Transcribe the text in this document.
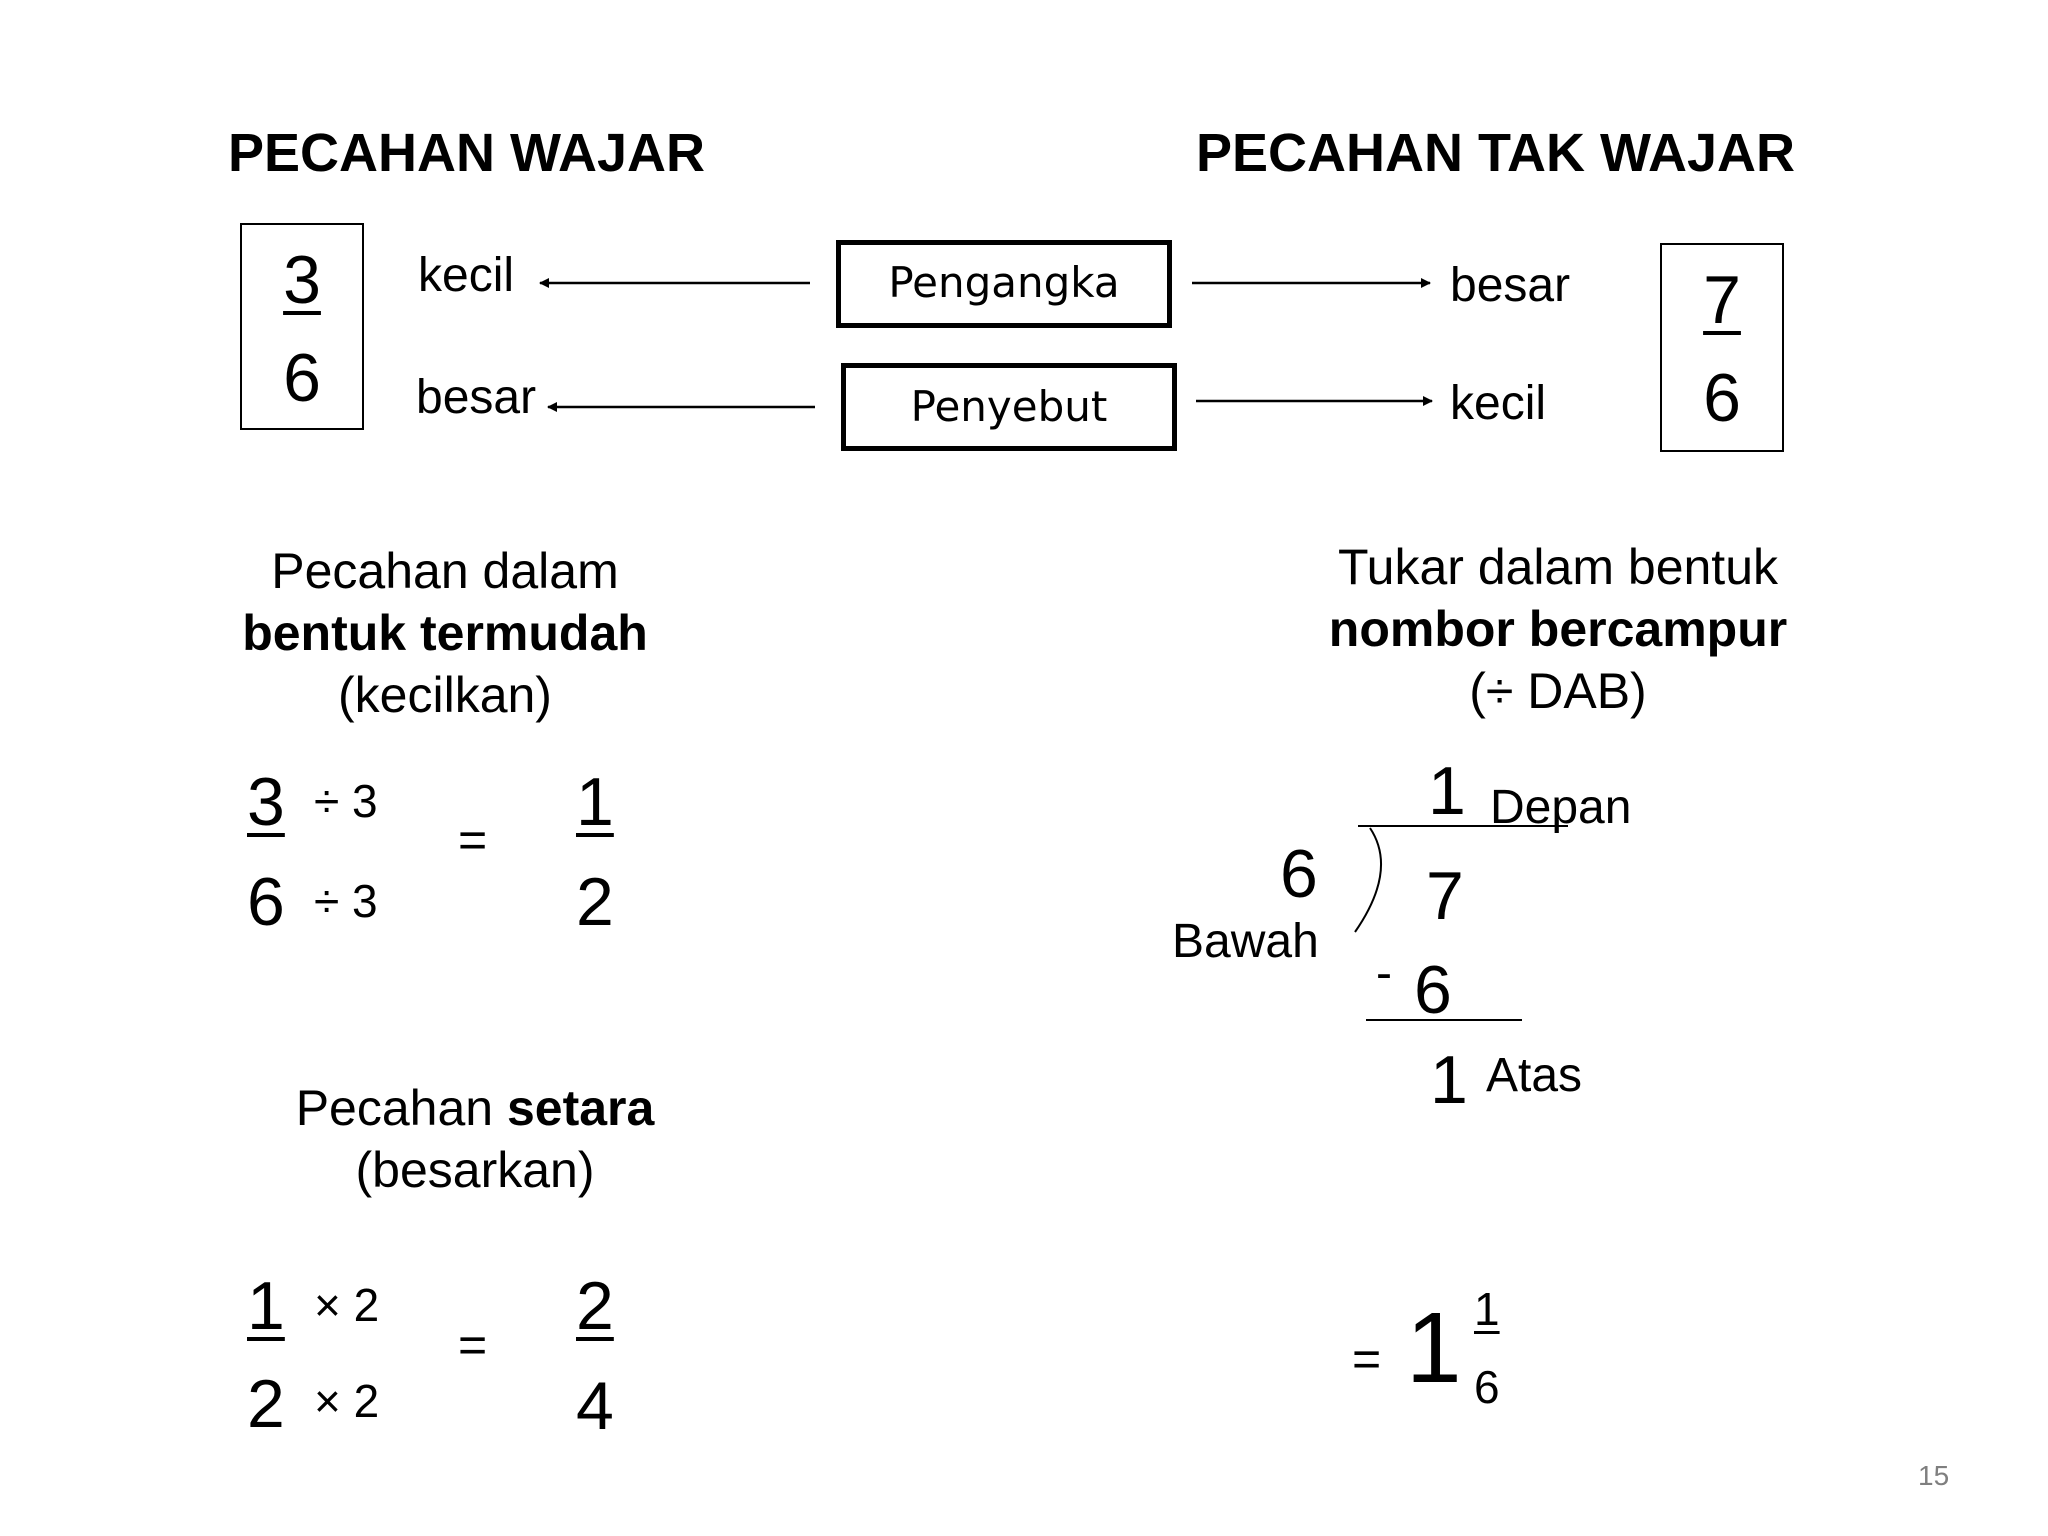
PECAHAN WAJAR	PECAHAN TAK WAJAR
3
6
kecil
besar
Pengangka
Penyebut
besar
kecil
7
6
Pecahan dalam
bentuk termudah
(kecilkan)
3 ÷ 3
6 ÷ 3
= 1
2
Pecahan setara
(besarkan)
1 × 2
2 × 2
=
2
4
Tukar dalam bentuk
nombor bercampur
(÷ DAB)
1 Depan
6
Bawah
7
- 6
1 Atas
= 1 1
6
15
